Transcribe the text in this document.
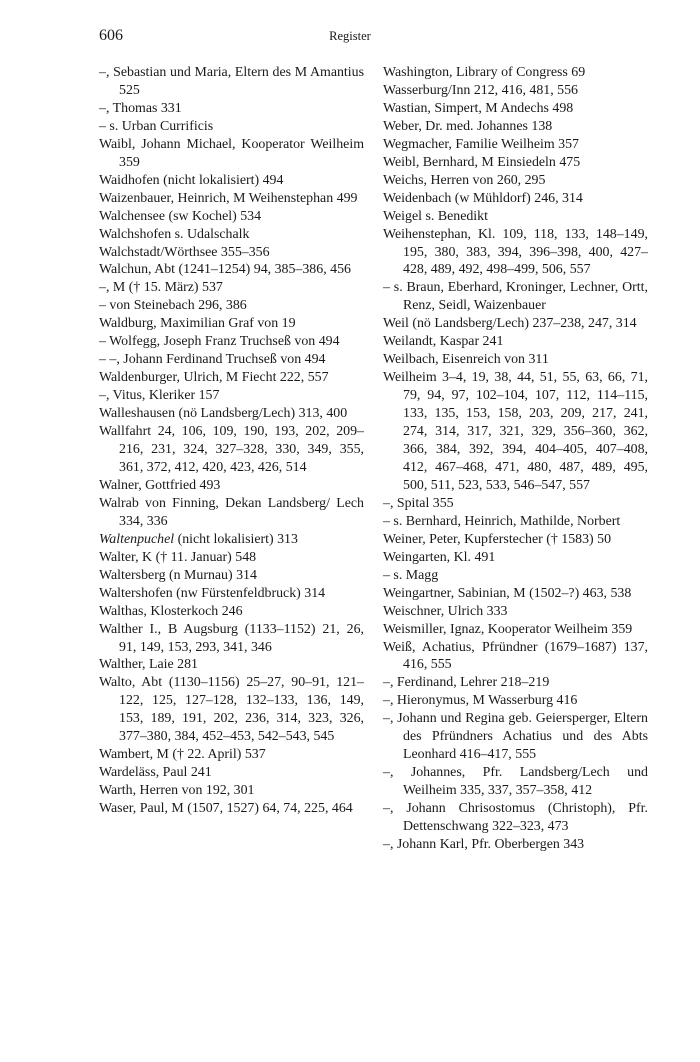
606	Register

–, Sebastian und Maria, Eltern des M Amantius 525

–, Thomas 331

– s. Urban Currificis

Waibl, Johann Michael, Kooperator Weilheim 359

Waidhofen (nicht lokalisiert) 494

Waizenbauer, Heinrich, M Weihenstephan 499

Walchensee (sw Kochel) 534

Walchshofen s. Udalschalk

Walchstadt/Wörthsee 355–356

Walchun, Abt (1241–1254) 94, 385–386, 456

–, M († 15. März) 537

– von Steinebach 296, 386

Waldburg, Maximilian Graf von 19

– Wolfegg, Joseph Franz Truchseß von 494

– –, Johann Ferdinand Truchseß von 494

Waldenburger, Ulrich, M Fiecht 222, 557

–, Vitus, Kleriker 157

Walleshausen (nö Landsberg/Lech) 313, 400

Wallfahrt 24, 106, 109, 190, 193, 202, 209–216, 231, 324, 327–328, 330, 349, 355, 361, 372, 412, 420, 423, 426, 514

Walner, Gottfried 493

Walrab von Finning, Dekan Landsberg/ Lech 334, 336

Waltenpuchel (nicht lokalisiert) 313

Walter, K († 11. Januar) 548

Waltersberg (n Murnau) 314

Waltershofen (nw Fürstenfeldbruck) 314

Walthas, Klosterkoch 246

Walther I., B Augsburg (1133–1152) 21, 26, 91, 149, 153, 293, 341, 346

Walther, Laie 281

Walto, Abt (1130–1156) 25–27, 90–91, 121–122, 125, 127–128, 132–133, 136, 149, 153, 189, 191, 202, 236, 314, 323, 326, 377–380, 384, 452–453, 542–543, 545

Wambert, M († 22. April) 537

Wardeläss, Paul 241

Warth, Herren von 192, 301

Waser, Paul, M (1507, 1527) 64, 74, 225, 464

Washington, Library of Congress 69

Wasserburg/Inn 212, 416, 481, 556

Wastian, Simpert, M Andechs 498

Weber, Dr. med. Johannes 138

Wegmacher, Familie Weilheim 357

Weibl, Bernhard, M Einsiedeln 475

Weichs, Herren von 260, 295

Weidenbach (w Mühldorf) 246, 314

Weigel s. Benedikt

Weihenstephan, Kl. 109, 118, 133, 148–149, 195, 380, 383, 394, 396–398, 400, 427–428, 489, 492, 498–499, 506, 557

– s. Braun, Eberhard, Kroninger, Lechner, Ortt, Renz, Seidl, Waizenbauer

Weil (nö Landsberg/Lech) 237–238, 247, 314

Weilandt, Kaspar 241

Weilbach, Eisenreich von 311

Weilheim 3–4, 19, 38, 44, 51, 55, 63, 66, 71, 79, 94, 97, 102–104, 107, 112, 114–115, 133, 135, 153, 158, 203, 209, 217, 241, 274, 314, 317, 321, 329, 356–360, 362, 366, 384, 392, 394, 404–405, 407–408, 412, 467–468, 471, 480, 487, 489, 495, 500, 511, 523, 533, 546–547, 557

–, Spital 355

– s. Bernhard, Heinrich, Mathilde, Norbert

Weiner, Peter, Kupferstecher († 1583) 50

Weingarten, Kl. 491

– s. Magg

Weingartner, Sabinian, M (1502–?) 463, 538

Weischner, Ulrich 333

Weismiller, Ignaz, Kooperator Weilheim 359

Weiß, Achatius, Pfründner (1679–1687) 137, 416, 555

–, Ferdinand, Lehrer 218–219

–, Hieronymus, M Wasserburg 416

–, Johann und Regina geb. Geiersperger, Eltern des Pfründners Achatius und des Abts Leonhard 416–417, 555

–, Johannes, Pfr. Landsberg/Lech und Weilheim 335, 337, 357–358, 412

–, Johann Chrisostomus (Christoph), Pfr. Dettenschwang 322–323, 473

–, Johann Karl, Pfr. Oberbergen 343
